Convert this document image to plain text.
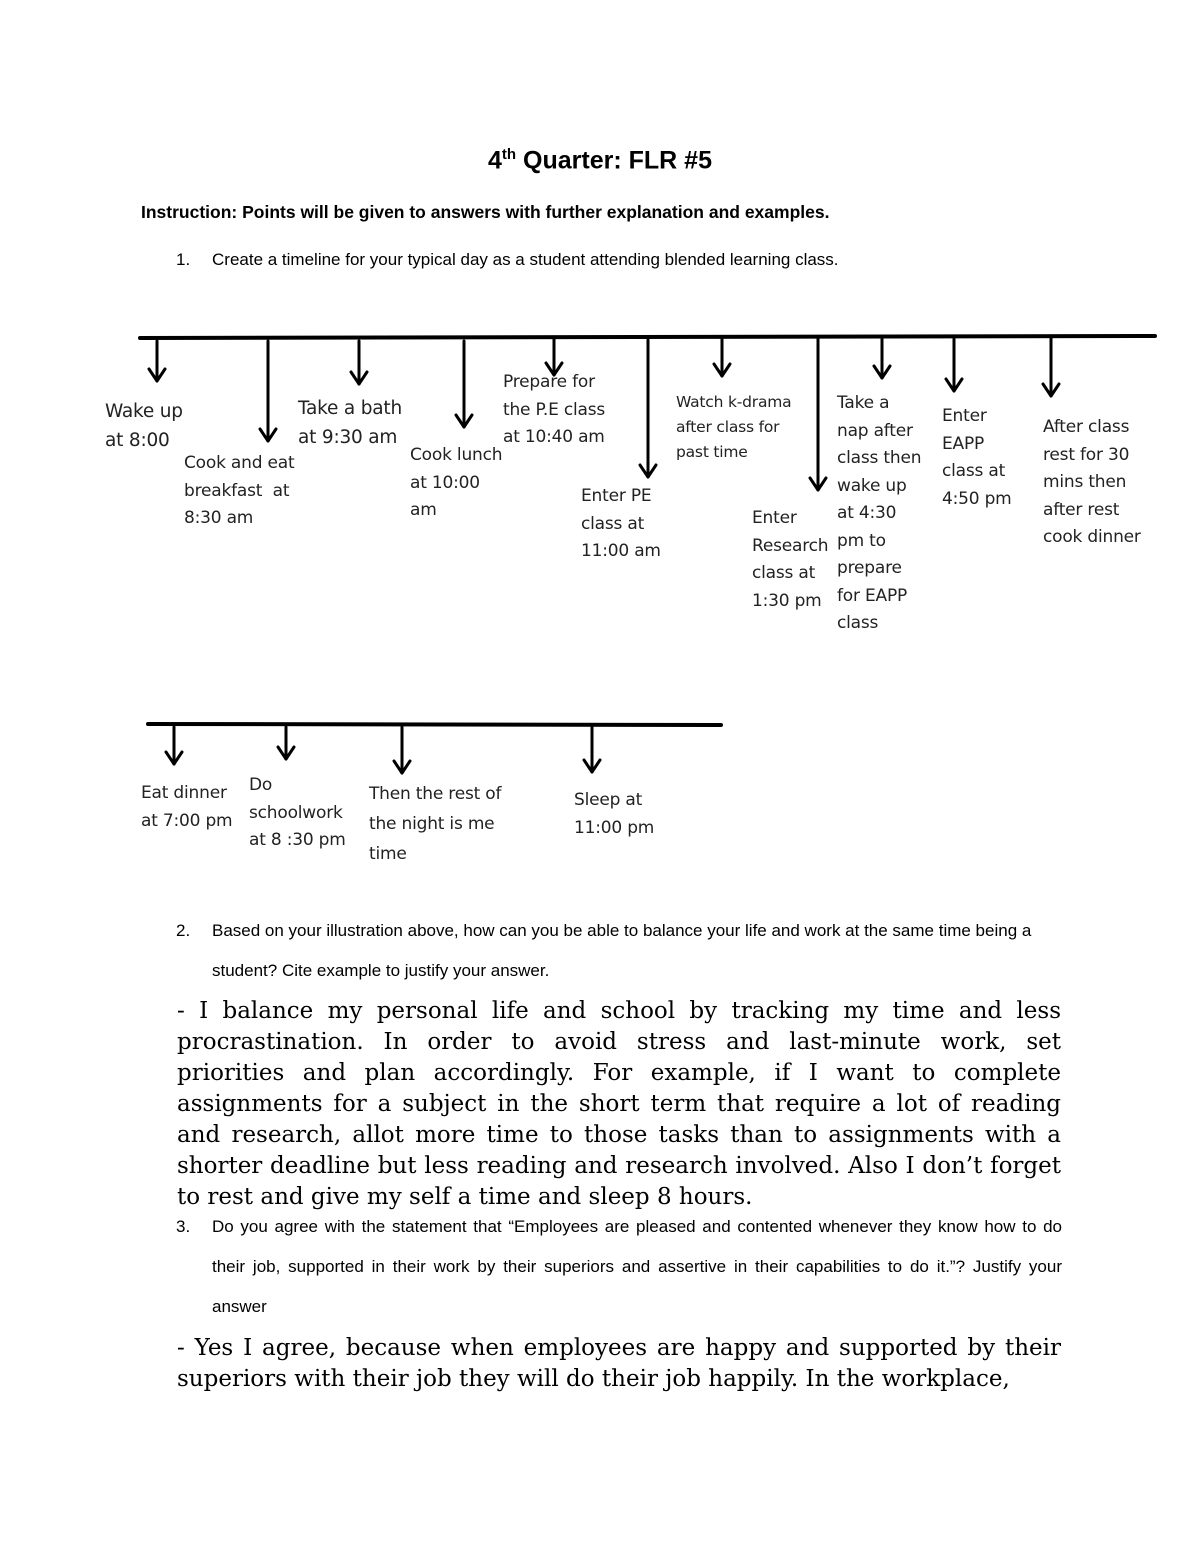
4th Quarter: FLR #5
Instruction: Points will be given to answers with further explanation and examples.
1. Create a timeline for your typical day as a student attending blended learning class.
Wake up
at 8:00
Cook and eat
breakfast  at
8:30 am
Take a bath
at 9:30 am
Cook lunch
at 10:00
am
Prepare for
the P.E class
at 10:40 am
Enter PE
class at
11:00 am
Watch k-drama
after class for
past time
Enter
Research
class at
1:30 pm
Take a
nap after
class then
wake up
at 4:30
pm to
prepare
for EAPP
class
Enter
EAPP
class at
4:50 pm
After class
rest for 30
mins then
after rest
cook dinner
Eat dinner
at 7:00 pm
Do
schoolwork
at 8 :30 pm
Then the rest of
the night is me
time
Sleep at
11:00 pm
2. Based on your illustration above, how can you be able to balance your life and work at the same time being a student? Cite example to justify your answer.
- I balance my personal life and school by tracking my time and less procrastination. In order to avoid stress and last-minute work, set priorities and plan accordingly. For example, if I want to complete assignments for a subject in the short term that require a lot of reading and research, allot more time to those tasks than to assignments with a shorter deadline but less reading and research involved. Also I don’t forget to rest and give my self a time and sleep 8 hours.
3. Do you agree with the statement that “Employees are pleased and contented whenever they know how to do their job, supported in their work by their superiors and assertive in their capabilities to do it.”? Justify your answer
- Yes I agree, because when employees are happy and supported by their superiors with their job they will do their job happily. In the workplace,
